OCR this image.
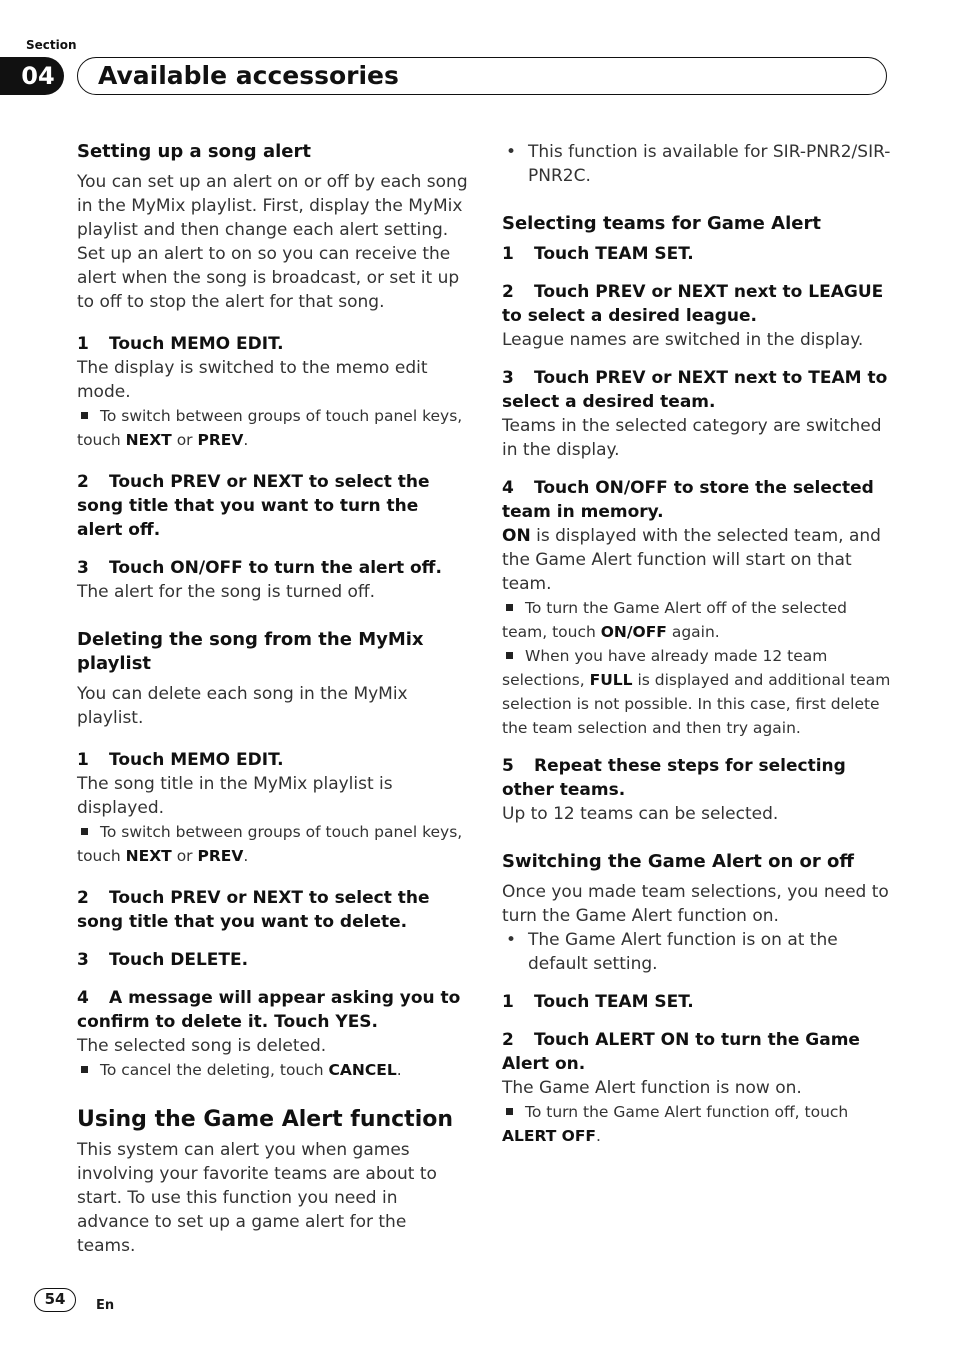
Section
04 Available accessories
Setting up a song alert

You can set up an alert on or off by each song in the MyMix playlist. First, display the MyMix playlist and then change each alert setting. Set up an alert to on so you can receive the alert when the song is broadcast, or set it up to off to stop the alert for that song.

1 Touch MEMO EDIT.

The display is switched to the memo edit mode.

To switch between groups of touch panel keys, touch NEXT or PREV.

2 Touch PREV or NEXT to select the song title that you want to turn the alert off.

3 Touch ON/OFF to turn the alert off.

The alert for the song is turned off.

Deleting the song from the MyMix playlist

You can delete each song in the MyMix playlist.

1 Touch MEMO EDIT.

The song title in the MyMix playlist is displayed.

To switch between groups of touch panel keys, touch NEXT or PREV.

2 Touch PREV or NEXT to select the song title that you want to delete.

3 Touch DELETE.

4 A message will appear asking you to confirm to delete it. Touch YES.

The selected song is deleted.

To cancel the deleting, touch CANCEL.

Using the Game Alert function

This system can alert you when games involving your favorite teams are about to start. To use this function you need in advance to set up a game alert for the teams.

• This function is available for SIR-PNR2/SIR-PNR2C.

Selecting teams for Game Alert

1 Touch TEAM SET.

2 Touch PREV or NEXT next to LEAGUE to select a desired league.

League names are switched in the display.

3 Touch PREV or NEXT next to TEAM to select a desired team.

Teams in the selected category are switched in the display.

4 Touch ON/OFF to store the selected team in memory.

ON is displayed with the selected team, and the Game Alert function will start on that team.

To turn the Game Alert off of the selected team, touch ON/OFF again.

When you have already made 12 team selections, FULL is displayed and additional team selection is not possible. In this case, first delete the team selection and then try again.

5 Repeat these steps for selecting other teams.

Up to 12 teams can be selected.

Switching the Game Alert on or off

Once you made team selections, you need to turn the Game Alert function on.

• The Game Alert function is on at the default setting.

1 Touch TEAM SET.

2 Touch ALERT ON to turn the Game Alert on.

The Game Alert function is now on.

To turn the Game Alert function off, touch ALERT OFF.

54	En
